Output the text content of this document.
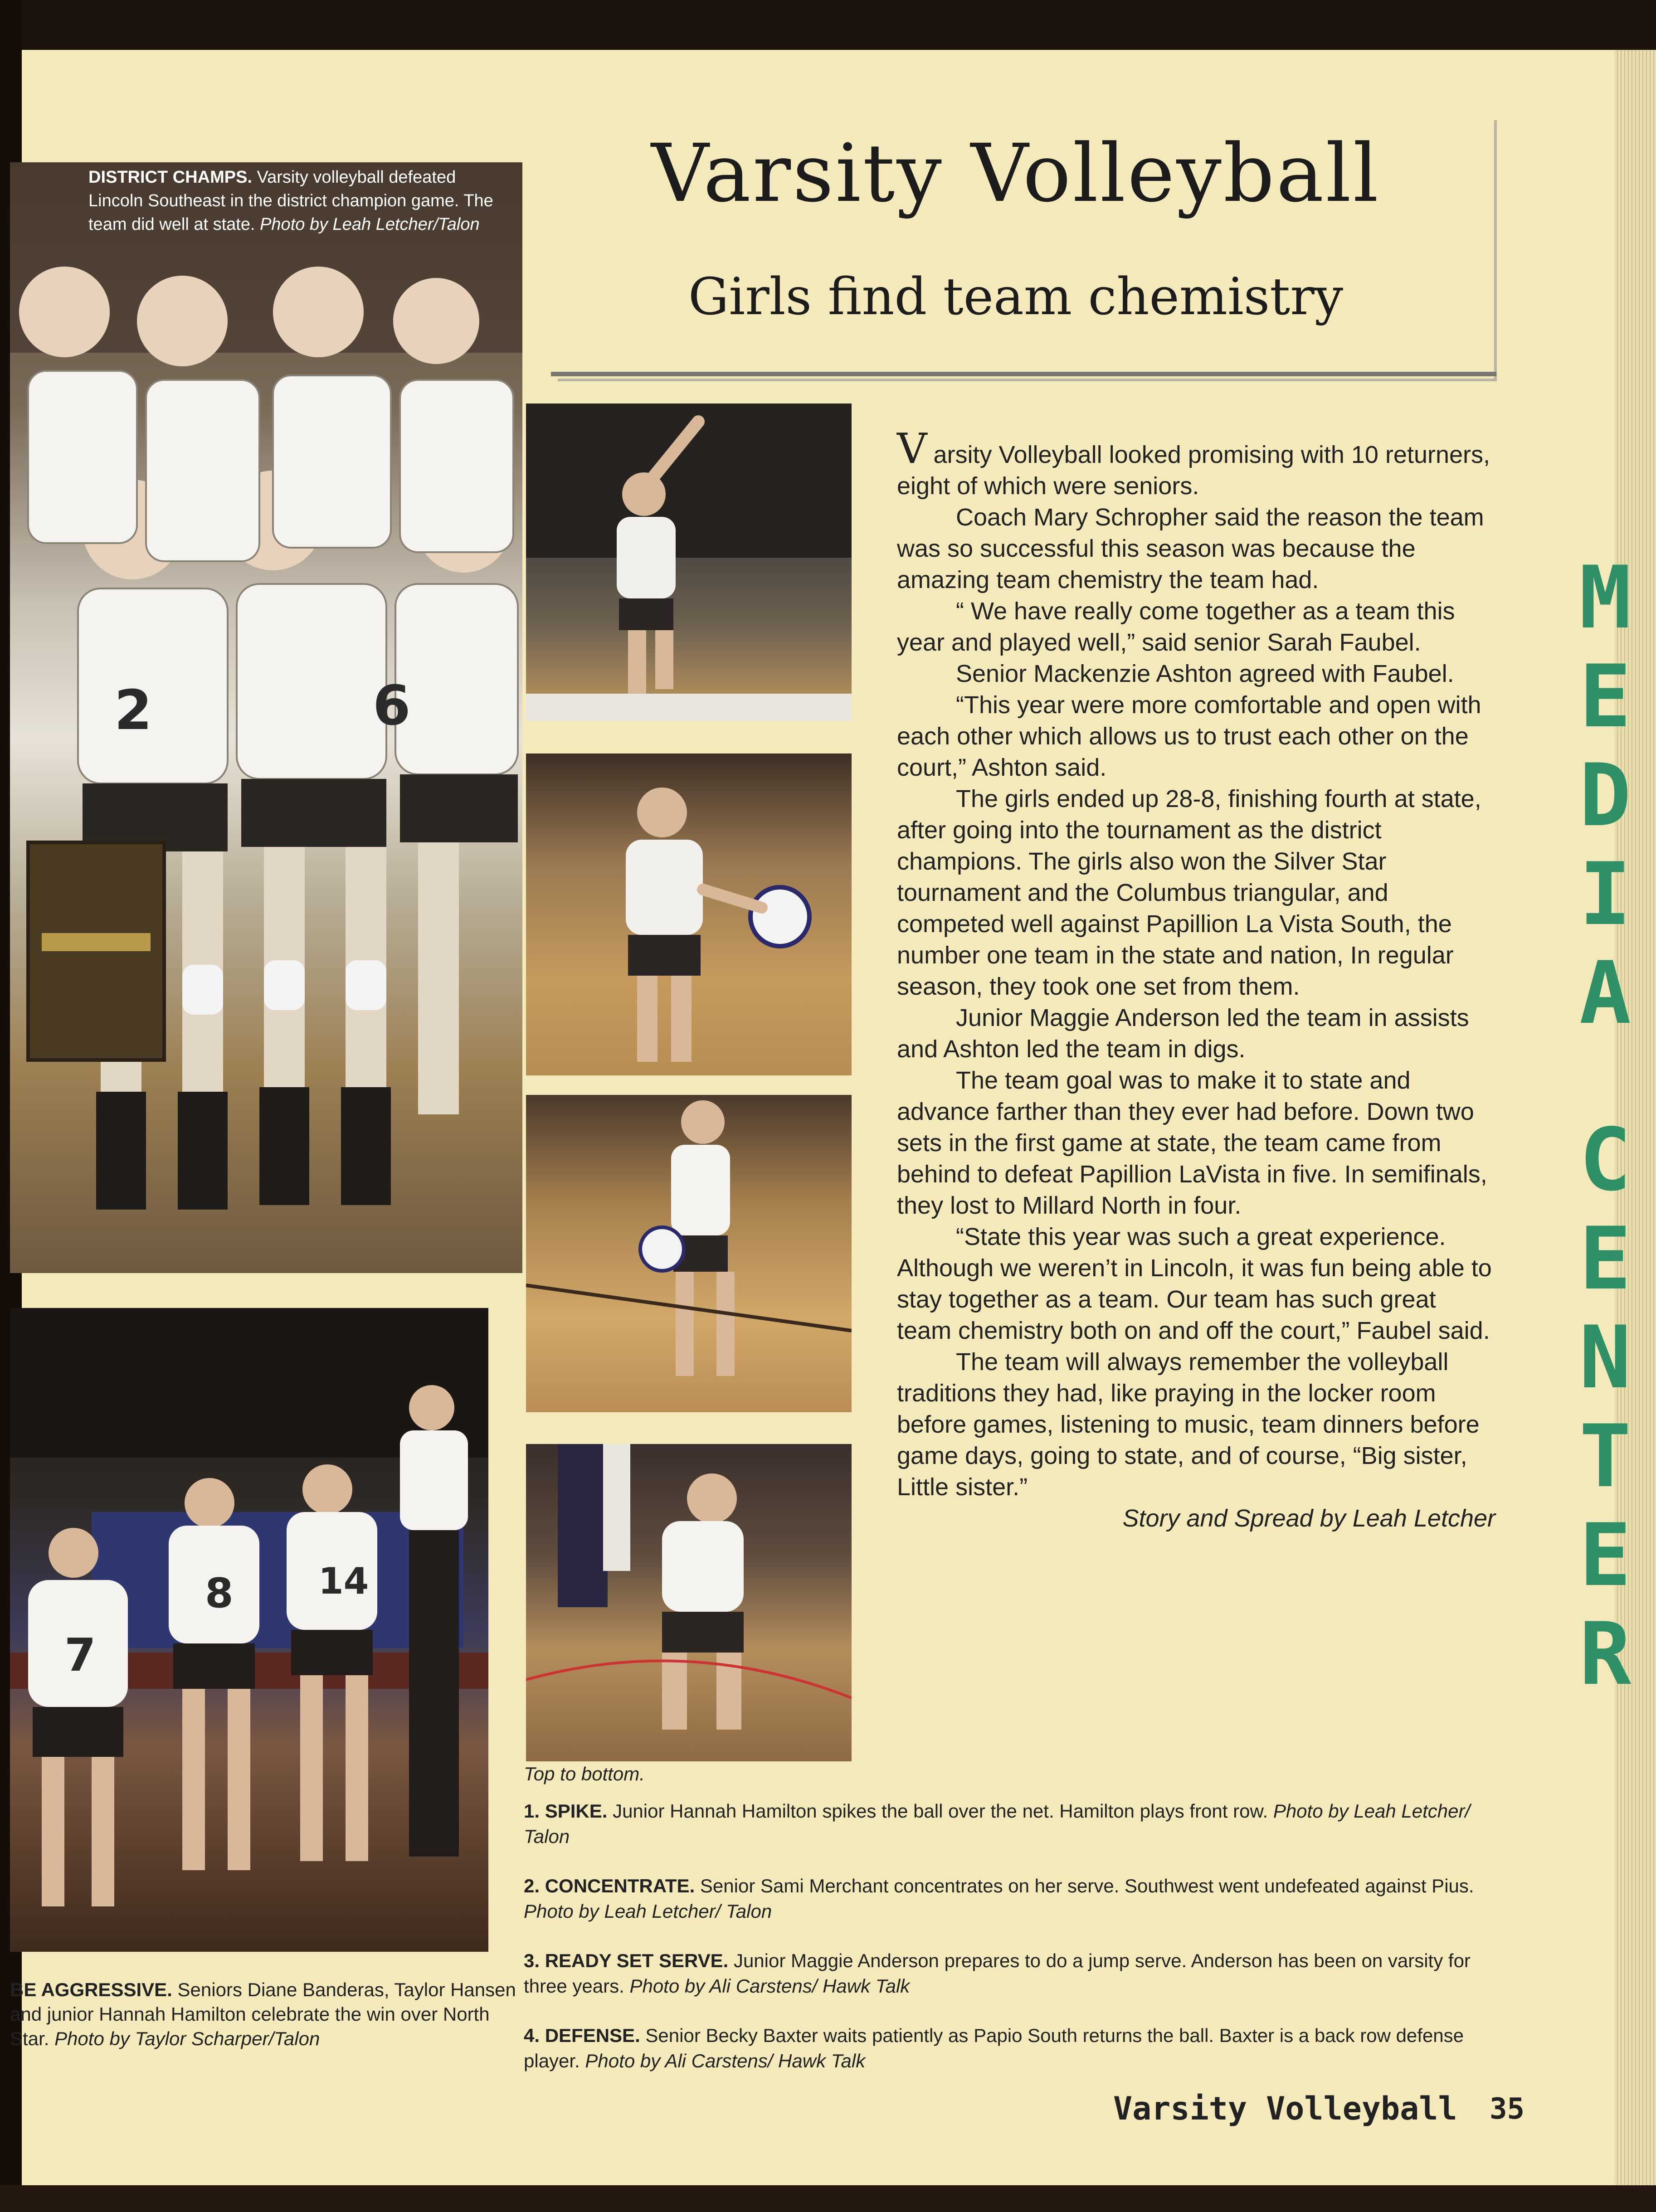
2	6
DISTRICT CHAMPS. Varsity volleyball defeated Lincoln Southeast in the district champion game. The team did well at state. Photo by Leah Letcher/Talon
Varsity Volleyball
Girls find team chemistry
7
8 14
BE AGGRESSIVE. Seniors Diane Banderas, Taylor Hansen and junior Hannah Hamilton celebrate the win over North Star. Photo by Taylor Scharper/Talon

Varsity Volleyball looked promising with 10 returners, eight of which were seniors.

Coach Mary Schropher said the reason the team was so successful this season was because the amazing team chemistry the team had.

“ We have really come together as a team this year and played well,” said senior Sarah Faubel.

Senior Mackenzie Ashton agreed with Faubel.

“This year were more comfortable and open with each other which allows us to trust each other on the court,” Ashton said.

The girls ended up 28-8, finishing fourth at state, after going into the tournament as the district champions. The girls also won the Silver Star tournament and the Columbus triangular, and competed well against Papillion La Vista South, the number one team in the state and nation, In regular season, they took one set from them.

Junior Maggie Anderson led the team in assists and Ashton led the team in digs.

The team goal was to make it to state and advance farther than they ever had before. Down two sets in the first game at state, the team came from behind to defeat Papillion LaVista in five. In semifinals, they lost to Millard North in four.

“State this year was such a great experience. Although we weren’t in Lincoln, it was fun being able to stay together as a team. Our team has such great team chemistry both on and off the court,” Faubel said.

The team will always remember the volleyball traditions they had, like praying in the locker room before games, listening to music, team dinners before game days, going to state, and of course, “Big sister, Little sister.”

Story and Spread by Leah Letcher

M
E
D
I
A
C
E
N
T
E
R

Top to bottom.

1. SPIKE. Junior Hannah Hamilton spikes the ball over the net. Hamilton plays front row. Photo by Leah Letcher/ Talon

2. CONCENTRATE. Senior Sami Merchant concentrates on her serve. Southwest went undefeated against Pius. Photo by Leah Letcher/ Talon

3. READY SET SERVE. Junior Maggie Anderson prepares to do a jump serve. Anderson has been on varsity for three years. Photo by Ali Carstens/ Hawk Talk

4. DEFENSE. Senior Becky Baxter waits patiently as Papio South returns the ball. Baxter is a back row defense player. Photo by Ali Carstens/ Hawk Talk

Varsity Volleyball 35
